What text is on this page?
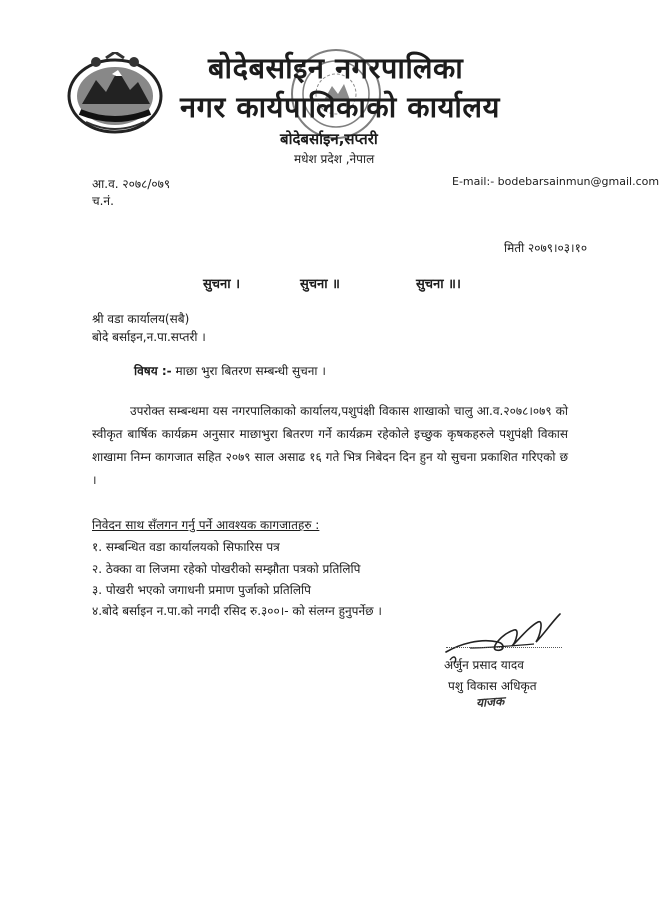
बोदेबर्साइन नगरपालिका
नगर कार्यपालिकाको कार्यालय
बोदेबर्साइन,सप्तरी
मधेश प्रदेश ,नेपाल
आ.व. २०७८/०७९
च.नं.
E-mail:- bodebarsainmun@gmail.com
मिती २०७९।०३।१०
सुचना ।	सुचना ॥	सुचना ॥।
श्री वडा कार्यालय(सबै)
बोदे बर्साइन,न.पा.सप्तरी ।
विषय :- माछा भुरा बितरण सम्बन्धी सुचना ।
उपरोक्त सम्बन्धमा यस नगरपालिकाको कार्यालय,पशुपंक्षी विकास शाखाको चालु आ.व.२०७८।०७९ को स्वीकृत बार्षिक कार्यक्रम अनुसार माछाभुरा बितरण गर्ने कार्यक्रम रहेकोले इच्छुक कृषकहरुले पशुपंक्षी विकास शाखामा निम्न कागजात सहित २०७९ साल असाढ १६ गते भित्र निबेदन दिन हुन यो सुचना प्रकाशित गरिएको छ ।
निवेदन साथ सँलगन गर्नु पर्ने आवश्यक कागजातहरु :
१. सम्बन्धित वडा कार्यालयको सिफारिस पत्र
२. ठेक्का वा लिजमा रहेको पोखरीको सम्झौता पत्रको प्रतिलिपि
३. पोखरी भएको जगाधनी प्रमाण पुर्जाको प्रतिलिपि
४.बोदे बर्साइन न.पा.को नगदी रसिद रु.३००।- को संलग्न हुनुपर्नेछ ।
अर्जुन प्रसाद यादव
पशु विकास अधिकृत
याजक
